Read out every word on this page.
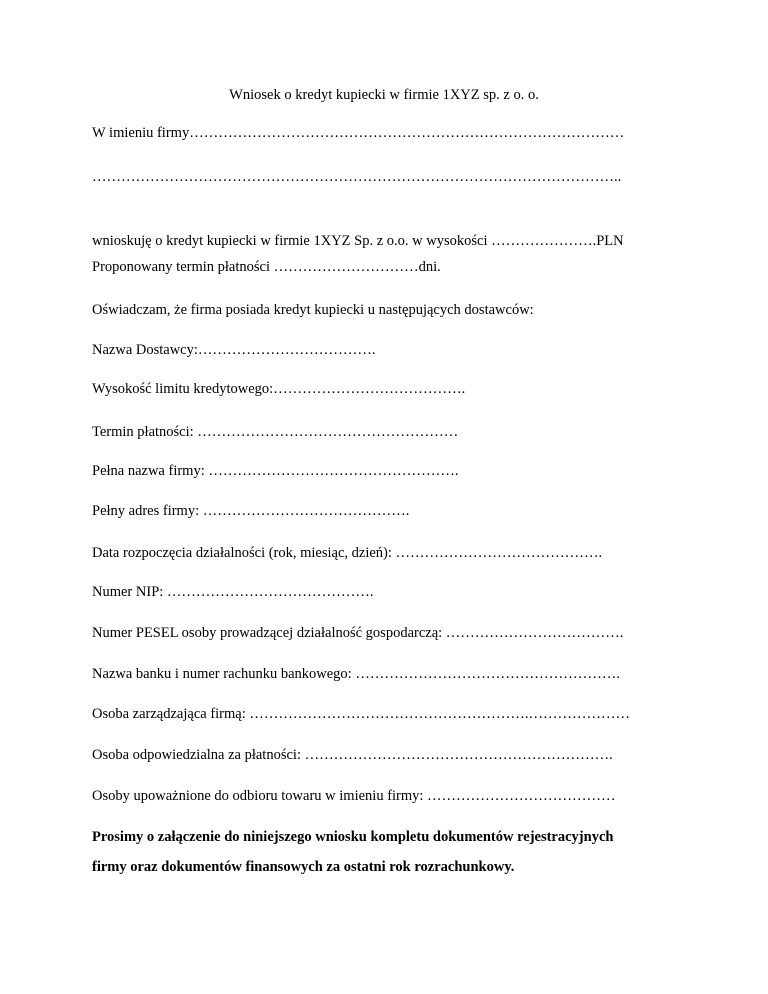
Wniosek o kredyt kupiecki w firmie 1XYZ sp. z o. o.
W imieniu firmy………………………………………………………………………………
………………………………………………………………………………………………..
wnioskuję o kredyt kupiecki w firmie 1XYZ Sp. z o.o. w wysokości ………………….PLN
Proponowany termin płatności …………………………dni.
Oświadczam, że firma posiada kredyt kupiecki u następujących dostawców:
Nazwa Dostawcy:……………………………….
Wysokość limitu kredytowego:………………………………….
Termin płatności: ………………………………………………
Pełna nazwa firmy: …………………………………………….
Pełny adres firmy: …………………………………….
Data rozpoczęcia działalności (rok, miesiąc, dzień): …………………………………….
Numer NIP: …………………………………….
Numer PESEL osoby prowadzącej działalność gospodarczą: ……………………………….
Nazwa banku i numer rachunku bankowego: ……………………………………………….
Osoba zarządzająca firmą: ………………………………………………….…………………
Osoba odpowiedzialna za płatności: ……………………………………………………….
Osoby upoważnione do odbioru towaru w imieniu firmy: …………………………………
Prosimy o załączenie do niniejszego wniosku kompletu dokumentów rejestracyjnych
firmy oraz dokumentów finansowych za ostatni rok rozrachunkowy.
